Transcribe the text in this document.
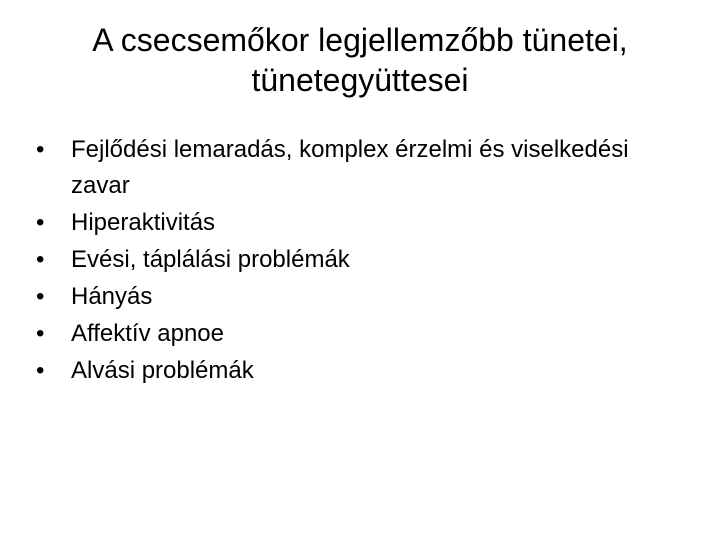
A csecsemőkor legjellemzőbb tünetei, tünetegyüttesei
•	Fejlődési lemaradás, komplex érzelmi és viselkedési zavar
•	Hiperaktivitás
•	Evési, táplálási problémák
•	Hányás
•	Affektív apnoe
•	Alvási problémák
